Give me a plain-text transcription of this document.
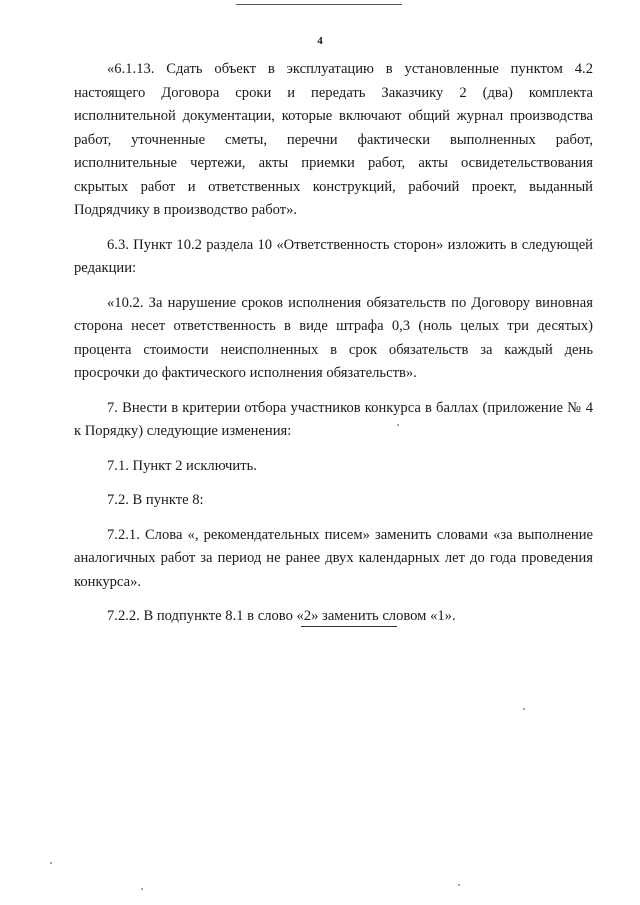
4

«6.1.13. Сдать объект в эксплуатацию в установленные пунктом 4.2 настоящего Договора сроки и передать Заказчику 2 (два) комплекта исполнительной документации, которые включают общий журнал производства работ, уточненные сметы, перечни фактически выполненных работ, исполнительные чертежи, акты приемки работ, акты освидетельствования скрытых работ и ответственных конструкций, рабочий проект, выданный Подрядчику в производство работ».

6.3. Пункт 10.2 раздела 10 «Ответственность сторон» изложить в следующей редакции:

«10.2. За нарушение сроков исполнения обязательств по Договору виновная сторона несет ответственность в виде штрафа 0,3 (ноль целых три десятых) процента стоимости неисполненных в срок обязательств за каждый день просрочки до фактического исполнения обязательств».

7. Внести в критерии отбора участников конкурса в баллах (приложение № 4 к Порядку) следующие изменения:

7.1. Пункт 2 исключить.

7.2. В пункте 8:

7.2.1. Слова «, рекомендательных писем» заменить словами «за выполнение аналогичных работ за период не ранее двух календарных лет до года проведения конкурса».

7.2.2. В подпункте 8.1 в слово «2» заменить словом «1».
